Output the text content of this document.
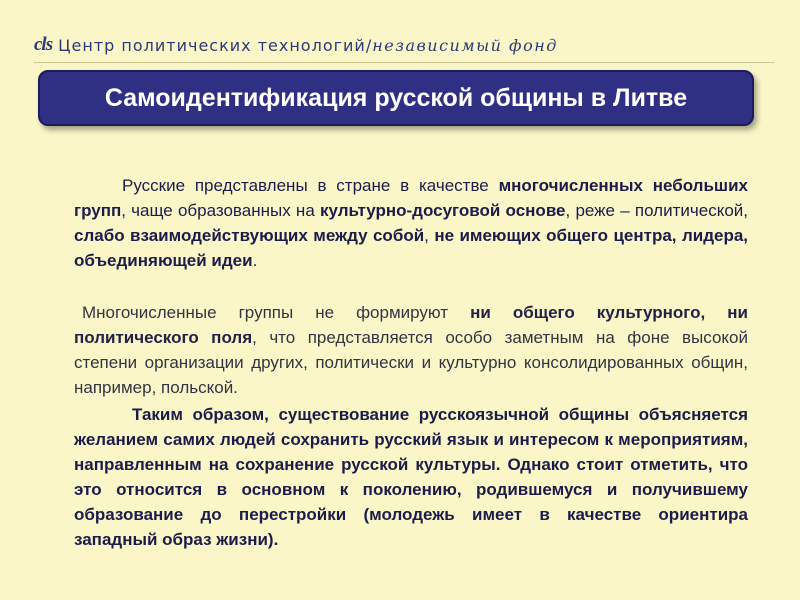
cls Центр политических технологий / независимый фонд
Самоидентификация русской общины в Литве

Русские представлены в стране в качестве многочисленных небольших групп, чаще образованных на культурно-досуговой основе, реже – политической, слабо взаимодействующих между собой, не имеющих общего центра, лидера, объединяющей идеи.

Многочисленные группы не формируют ни общего культурного, ни политического поля, что представляется особо заметным на фоне высокой степени организации других, политически и культурно консолидированных общин, например, польской.

Таким образом, существование русскоязычной общины объясняется желанием самих людей сохранить русский язык и интересом к мероприятиям, направленным на сохранение русской культуры. Однако стоит отметить, что это относится в основном к поколению, родившемуся и получившему образование до перестройки (молодежь имеет в качестве ориентира западный образ жизни).
